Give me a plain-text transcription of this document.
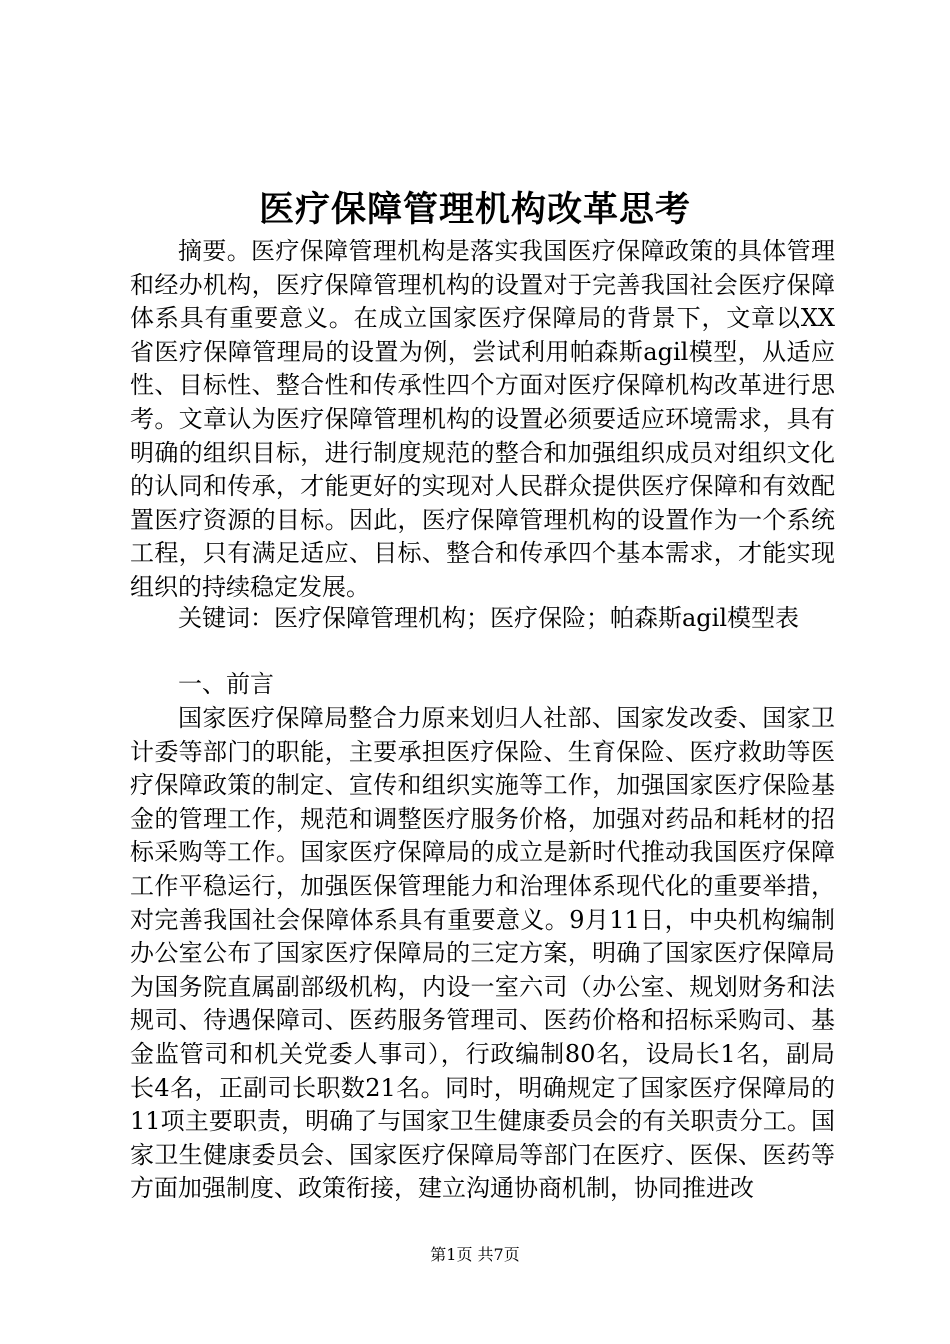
医疗保障管理机构改革思考

摘要。医疗保障管理机构是落实我国医疗保障政策的具体管理和经办机构，医疗保障管理机构的设置对于完善我国社会医疗保障体系具有重要意义。在成立国家医疗保障局的背景下，文章以XX省医疗保障管理局的设置为例，尝试利用帕森斯agil模型，从适应性、目标性、整合性和传承性四个方面对医疗保障机构改革进行思考。文章认为医疗保障管理机构的设置必须要适应环境需求，具有明确的组织目标，进行制度规范的整合和加强组织成员对组织文化的认同和传承，才能更好的实现对人民群众提供医疗保障和有效配置医疗资源的目标。因此，医疗保障管理机构的设置作为一个系统工程，只有满足适应、目标、整合和传承四个基本需求，才能实现组织的持续稳定发展。

关键词：医疗保障管理机构；医疗保险；帕森斯agil模型表

一、前言

国家医疗保障局整合力原来划归人社部、国家发改委、国家卫计委等部门的职能，主要承担医疗保险、生育保险、医疗救助等医疗保障政策的制定、宣传和组织实施等工作，加强国家医疗保险基金的管理工作，规范和调整医疗服务价格，加强对药品和耗材的招标采购等工作。国家医疗保障局的成立是新时代推动我国医疗保障工作平稳运行，加强医保管理能力和治理体系现代化的重要举措，对完善我国社会保障体系具有重要意义。9月11日，中央机构编制办公室公布了国家医疗保障局的三定方案，明确了国家医疗保障局为国务院直属副部级机构，内设一室六司（办公室、规划财务和法规司、待遇保障司、医药服务管理司、医药价格和招标采购司、基金监管司和机关党委人事司），行政编制80名，设局长1名，副局长4名，正副司长职数21名。同时，明确规定了国家医疗保障局的11项主要职责，明确了与国家卫生健康委员会的有关职责分工。国家卫生健康委员会、国家医疗保障局等部门在医疗、医保、医药等方面加强制度、政策衔接，建立沟通协商机制，协同推进改

第1页 共7页
